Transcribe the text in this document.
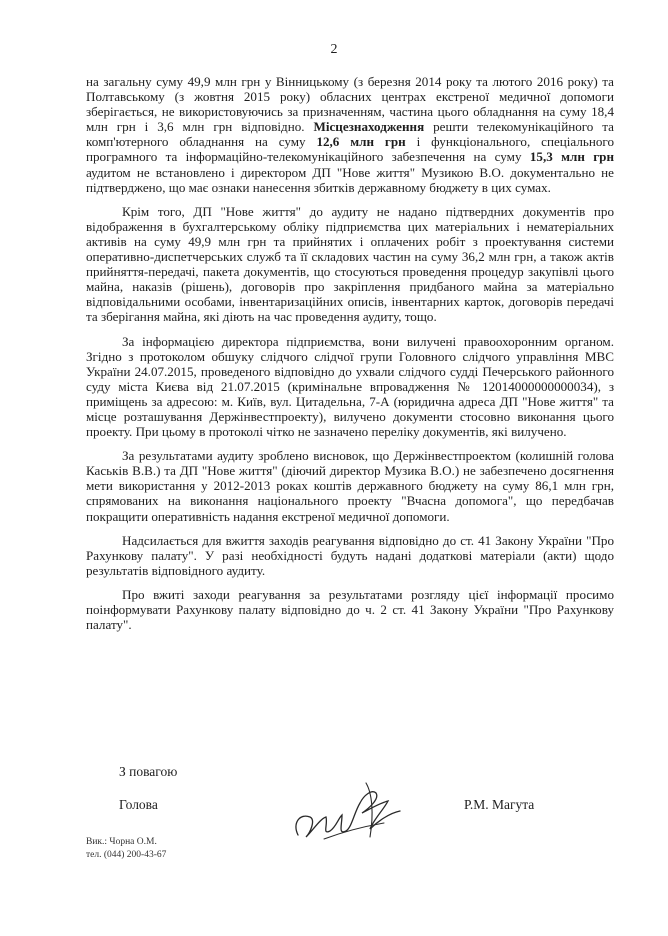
2

на загальну суму 49,9 млн грн у Вінницькому (з березня 2014 року та лютого 2016 року) та Полтавському (з жовтня 2015 року) обласних центрах екстреної медичної допомоги зберігається, не використовуючись за призначенням, частина цього обладнання на суму 18,4 млн грн і 3,6 млн грн відповідно. Місцезнаходження решти телекомунікаційного та комп'ютерного обладнання на суму 12,6 млн грн і функціонального, спеціального програмного та інформаційно-телекомунікаційного забезпечення на суму 15,3 млн грн аудитом не встановлено і директором ДП "Нове життя" Музикою В.О. документально не підтверджено, що має ознаки нанесення збитків державному бюджету в цих сумах.

Крім того, ДП "Нове життя" до аудиту не надано підтвердних документів про відображення в бухгалтерському обліку підприємства цих матеріальних і нематеріальних активів на суму 49,9 млн грн та прийнятих і оплачених робіт з проектування системи оперативно-диспетчерських служб та її складових частин на суму 36,2 млн грн, а також актів прийняття-передачі, пакета документів, що стосуються проведення процедур закупівлі цього майна, наказів (рішень), договорів про закріплення придбаного майна за матеріально відповідальними особами, інвентаризаційних описів, інвентарних карток, договорів передачі та зберігання майна, які діють на час проведення аудиту, тощо.

За інформацією директора підприємства, вони вилучені правоохоронним органом. Згідно з протоколом обшуку слідчого слідчої групи Головного слідчого управління МВС України 24.07.2015, проведеного відповідно до ухвали слідчого судді Печерського районного суду міста Києва від 21.07.2015 (кримінальне впровадження № 12014000000000034), з приміщень за адресою: м. Київ, вул. Цитадельна, 7-А (юридична адреса ДП "Нове життя" та місце розташування Держінвестпроекту), вилучено документи стосовно виконання цього проекту. При цьому в протоколі чітко не зазначено переліку документів, які вилучено.

За результатами аудиту зроблено висновок, що Держінвестпроектом (колишній голова Каськів В.В.) та ДП "Нове життя" (діючий директор Музика В.О.) не забезпечено досягнення мети використання у 2012-2013 роках коштів державного бюджету на суму 86,1 млн грн, спрямованих на виконання національного проекту "Вчасна допомога", що передбачав покращити оперативність надання екстреної медичної допомоги.

Надсилається для вжиття заходів реагування відповідно до ст. 41 Закону України "Про Рахункову палату". У разі необхідності будуть надані додаткові матеріали (акти) щодо результатів відповідного аудиту.

Про вжиті заходи реагування за результатами розгляду цієї інформації просимо поінформувати Рахункову палату відповідно до ч. 2 ст. 41 Закону України "Про Рахункову палату".

З повагою
Голова	Р.М. Магута
Вик.: Чорна О.М.
тел. (044) 200-43-67
